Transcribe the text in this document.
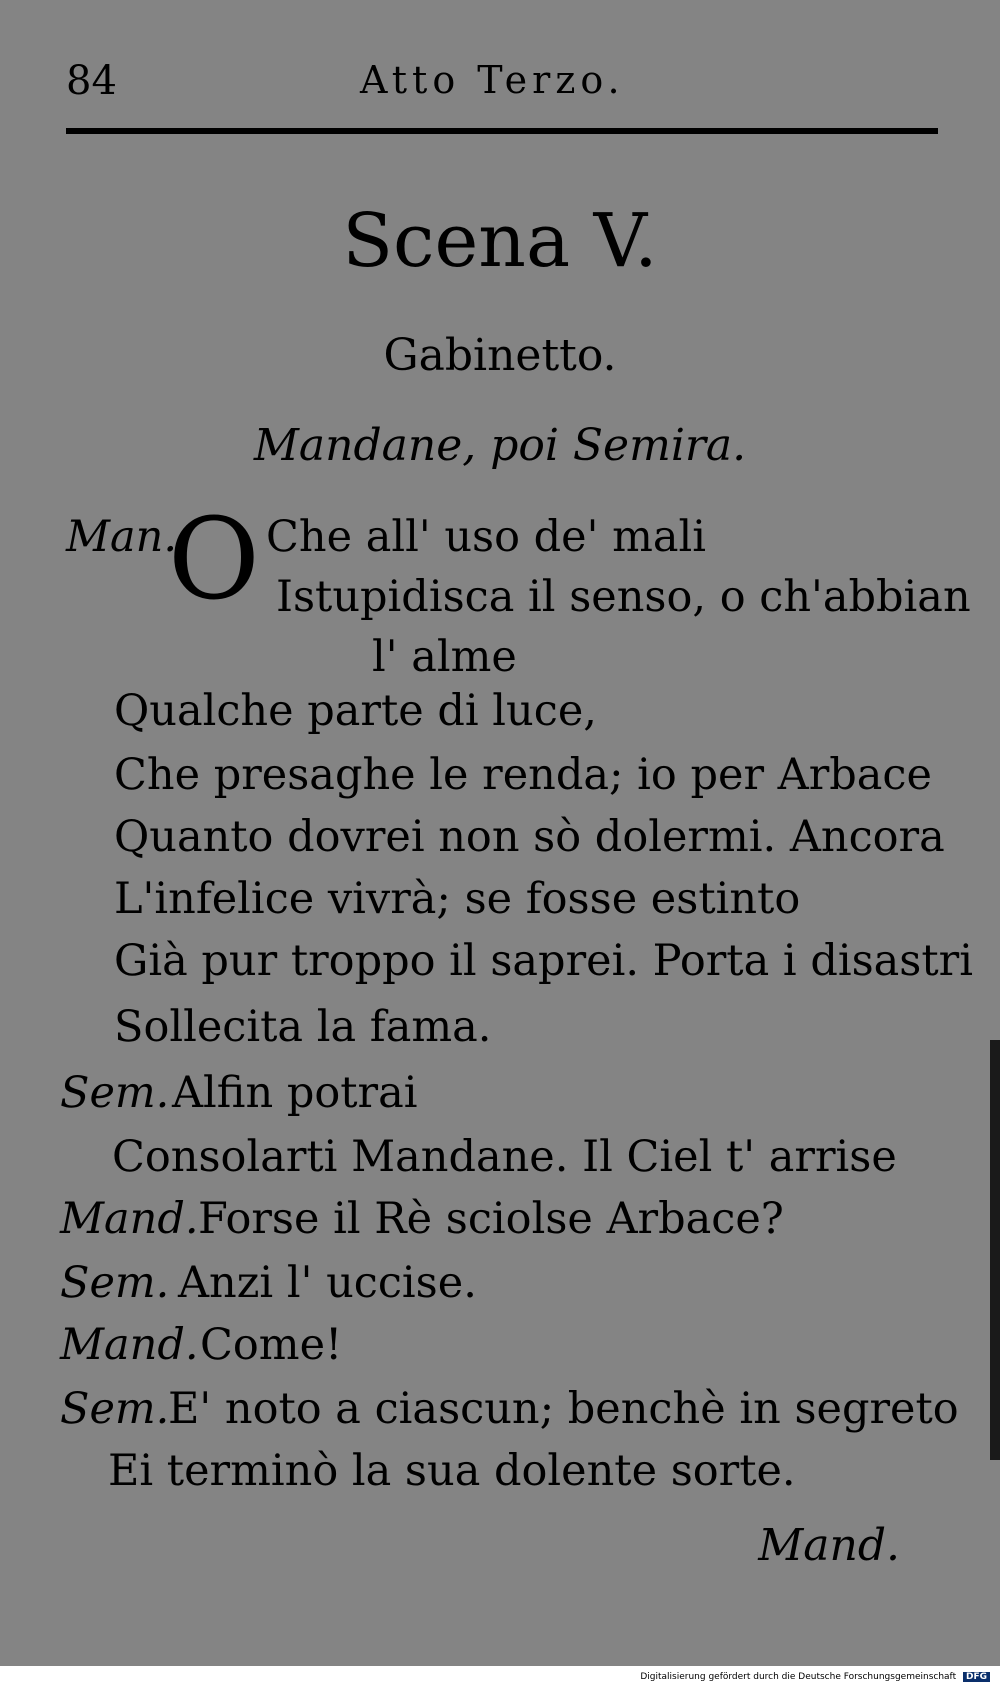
84	Atto Terzo.
Scena V.
Gabinetto.
Mandane, poi Semira.
Man.
O Che all' uso de' mali
Istupidisca il senso, o ch'abbian
l' alme
Qualche parte di luce,
Che presaghe le renda; io per Arbace
Quanto dovrei non sò dolermi. Ancora
L'infelice vivrà; se fosse estinto
Già pur troppo il saprei. Porta i disastri
Sollecita la fama.
Sem. Alfin potrai
Consolarti Mandane. Il Ciel t' arrise
Mand. Forse il Rè sciolse Arbace?
Sem. Anzi l' uccise.
Mand. Come!
Sem.
E' noto a ciascun; benchè in segreto
Ei terminò la sua dolente sorte.
Mand.
Digitalisierung gefördert durch die Deutsche Forschungsgemeinschaft DFG
